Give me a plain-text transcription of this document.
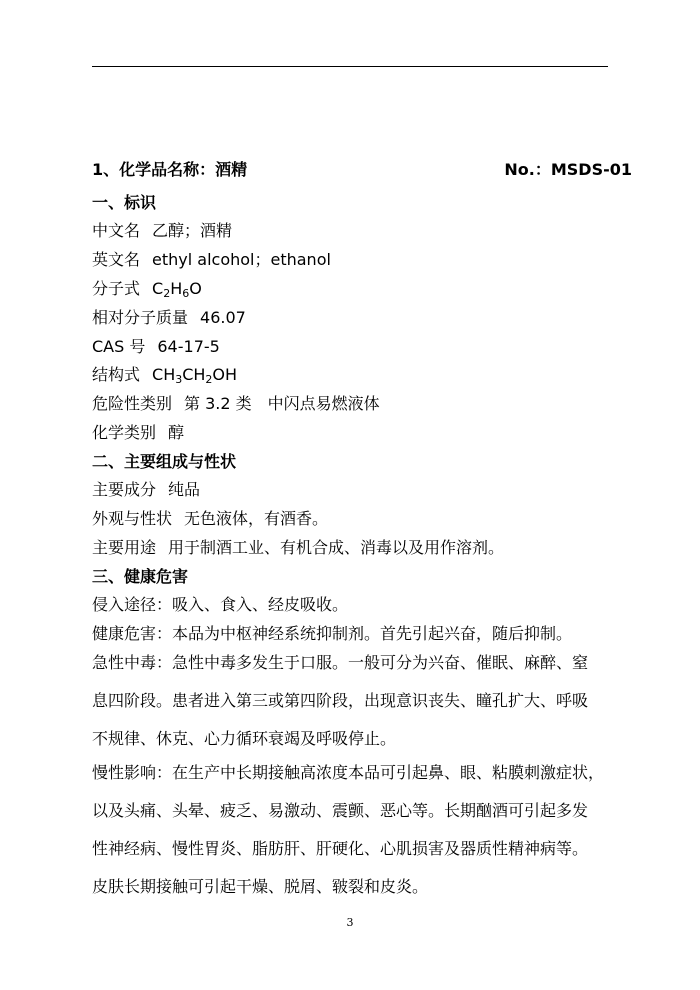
1、化学品名称：酒精	No.：MSDS-01
一、标识
中文名 乙醇；酒精
英文名 ethyl alcohol；ethanol
分子式 $C_2H_6O$
相对分子质量 46.07
CAS 号 64-17-5
结构式 $CH_3CH_2OH$
危险性类别 第 3.2 类　中闪点易燃液体
化学类别 醇
二、主要组成与性状
主要成分 纯品
外观与性状 无色液体，有酒香。
主要用途 用于制酒工业、有机合成、消毒以及用作溶剂。
三、健康危害
侵入途径：吸入、食入、经皮吸收。
健康危害：本品为中枢神经系统抑制剂。首先引起兴奋，随后抑制。
急性中毒：急性中毒多发生于口服。一般可分为兴奋、催眠、麻醉、窒
息四阶段。患者进入第三或第四阶段，出现意识丧失、瞳孔扩大、呼吸
不规律、休克、心力循环衰竭及呼吸停止。
慢性影响：在生产中长期接触高浓度本品可引起鼻、眼、粘膜刺激症状，
以及头痛、头晕、疲乏、易激动、震颤、恶心等。长期酗酒可引起多发
性神经病、慢性胃炎、脂肪肝、肝硬化、心肌损害及器质性精神病等。
皮肤长期接触可引起干燥、脱屑、皲裂和皮炎。
3
